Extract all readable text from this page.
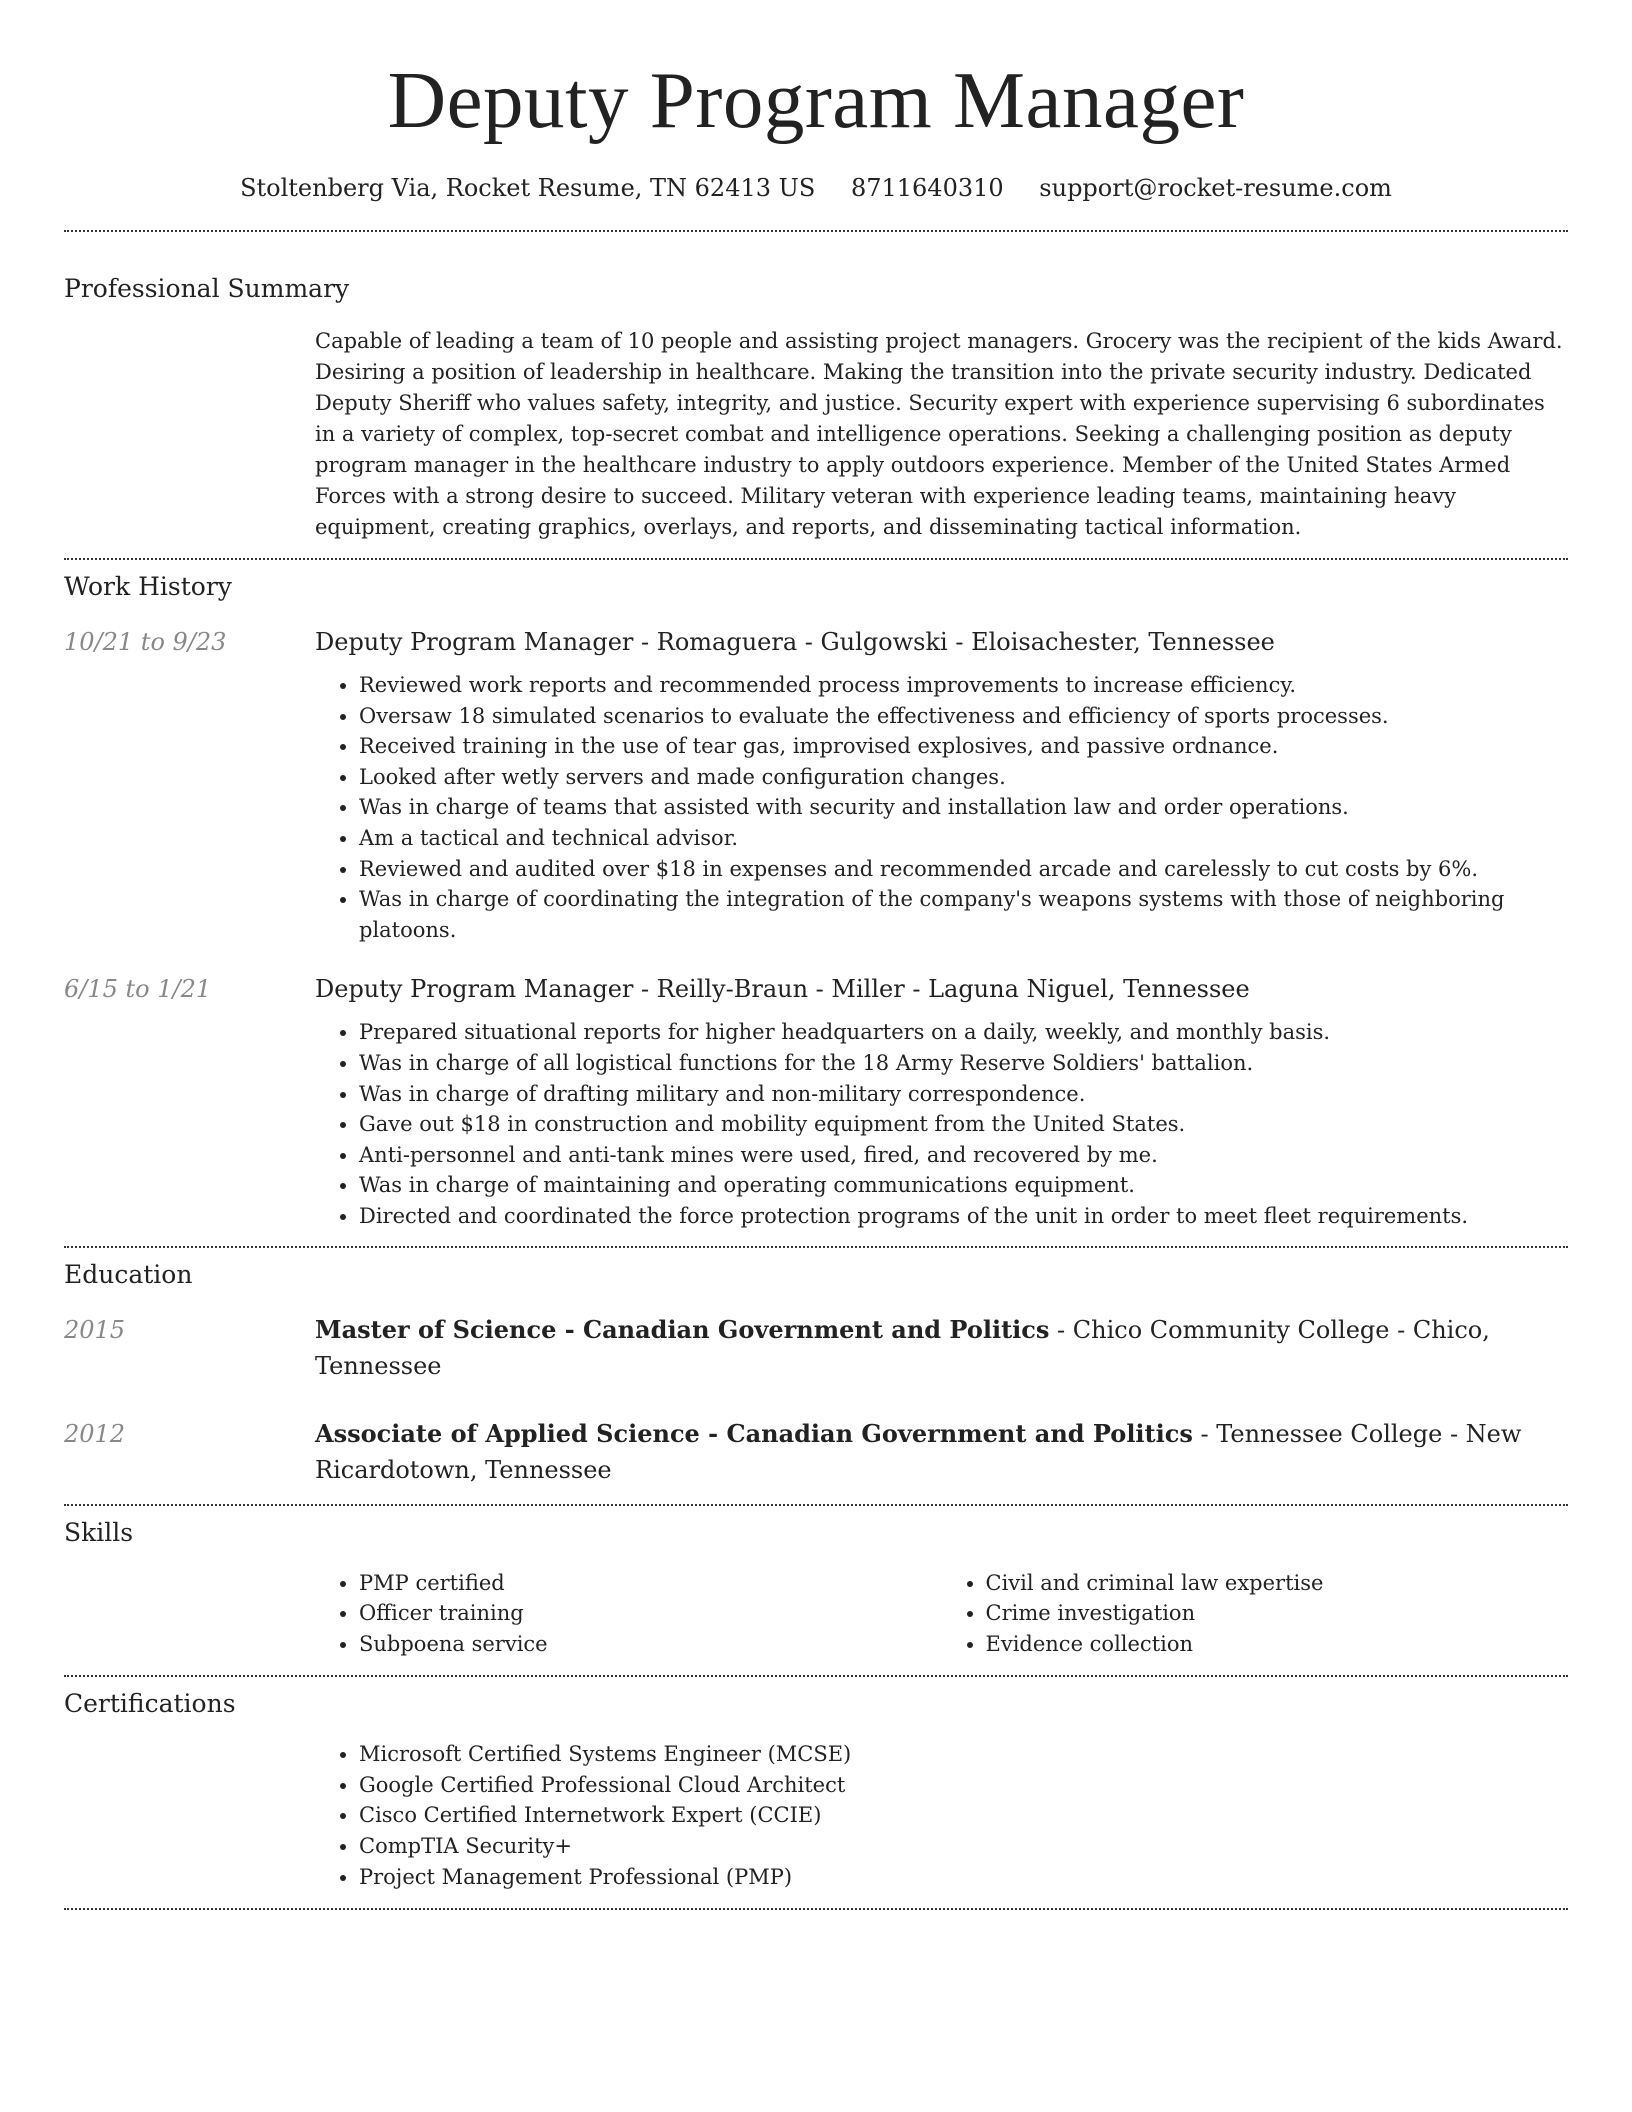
Deputy Program Manager
Stoltenberg Via, Rocket Resume, TN 62413 US 8711640310 support@rocket-resume.com
Professional Summary

Capable of leading a team of 10 people and assisting project managers. Grocery was the recipient of the kids Award. Desiring a position of leadership in healthcare. Making the transition into the private security industry. Dedicated Deputy Sheriff who values safety, integrity, and justice. Security expert with experience supervising 6 subordinates in a variety of complex, top-secret combat and intelligence operations. Seeking a challenging position as deputy program manager in the healthcare industry to apply outdoors experience. Member of the United States Armed Forces with a strong desire to succeed. Military veteran with experience leading teams, maintaining heavy equipment, creating graphics, overlays, and reports, and disseminating tactical information.

Work History
10/21 to 9/23	Deputy Program Manager - Romaguera - Gulgowski - Eloisachester, Tennessee
• Reviewed work reports and recommended process improvements to increase efficiency.
• Oversaw 18 simulated scenarios to evaluate the effectiveness and efficiency of sports processes.
• Received training in the use of tear gas, improvised explosives, and passive ordnance.
• Looked after wetly servers and made configuration changes.
• Was in charge of teams that assisted with security and installation law and order operations.
• Am a tactical and technical advisor.
• Reviewed and audited over $18 in expenses and recommended arcade and carelessly to cut costs by 6%.
• Was in charge of coordinating the integration of the company's weapons systems with those of neighboring platoons.
6/15 to 1/21	Deputy Program Manager - Reilly-Braun - Miller - Laguna Niguel, Tennessee
• Prepared situational reports for higher headquarters on a daily, weekly, and monthly basis.
• Was in charge of all logistical functions for the 18 Army Reserve Soldiers' battalion.
• Was in charge of drafting military and non-military correspondence.
• Gave out $18 in construction and mobility equipment from the United States.
• Anti-personnel and anti-tank mines were used, fired, and recovered by me.
• Was in charge of maintaining and operating communications equipment.
• Directed and coordinated the force protection programs of the unit in order to meet fleet requirements.
Education
2015	Master of Science - Canadian Government and Politics - Chico Community College - Chico, Tennessee
2012	Associate of Applied Science - Canadian Government and Politics - Tennessee College - New Ricardotown, Tennessee
Skills
• PMP certified
• Officer training
• Subpoena service
• Civil and criminal law expertise
• Crime investigation
• Evidence collection
Certifications
• Microsoft Certified Systems Engineer (MCSE)
• Google Certified Professional Cloud Architect
• Cisco Certified Internetwork Expert (CCIE)
• CompTIA Security+
• Project Management Professional (PMP)
